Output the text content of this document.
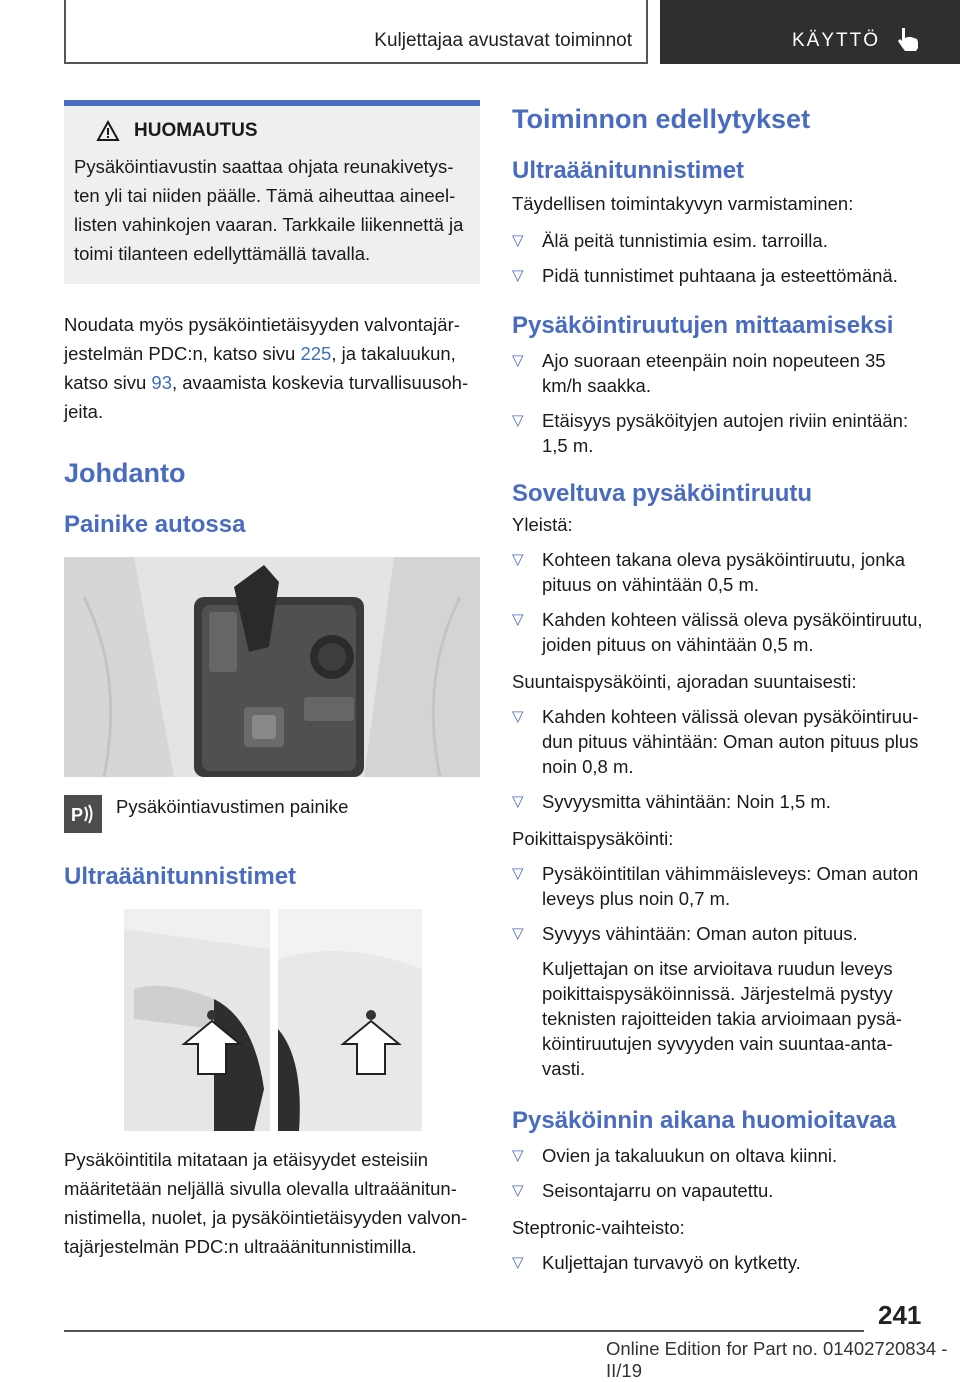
Kuljettajaa avustavat toiminnot	KÄYTTÖ
HUOMAUTUS
Pysäköintiavustin saattaa ohjata reunakivetysten yli tai niiden päälle. Tämä aiheuttaa aineellisten vahinkojen vaaran. Tarkkaile liikennettä ja toimi tilanteen edellyttämällä tavalla.

Noudata myös pysäköintietäisyyden valvontajärjestelmän PDC:n, katso sivu 225, ja takaluukun, katso sivu 93, avaamista koskevia turvallisuusohjeita.

Johdanto
Painike autossa
P Pysäköintiavustimen painike
Ultraäänitunnistimet

Pysäköintitila mitataan ja etäisyydet esteisiin määritetään neljällä sivulla olevalla ultraäänitunnistimella, nuolet, ja pysäköintietäisyyden valvontajärjestelmän PDC:n ultraäänitunnistimilla.

Toiminnon edellytykset
Ultraäänitunnistimet

Täydellisen toimintakyvyn varmistaminen:

▽ Älä peitä tunnistimia esim. tarroilla.
▽ Pidä tunnistimet puhtaana ja esteettömänä.
Pysäköintiruutujen mittaamiseksi
▽ Ajo suoraan eteenpäin noin nopeuteen 35 km/h saakka.
▽ Etäisyys pysäköityjen autojen riviin enintään: 1,5 m.
Soveltuva pysäköintiruutu

Yleistä:

▽ Kohteen takana oleva pysäköintiruutu, jonka pituus on vähintään 0,5 m.
▽ Kahden kohteen välissä oleva pysäköintiruutu, joiden pituus on vähintään 0,5 m.

Suuntaispysäköinti, ajoradan suuntaisesti:

▽ Kahden kohteen välissä olevan pysäköintiruudun pituus vähintään: Oman auton pituus plus noin 0,8 m.
▽ Syvyysmitta vähintään: Noin 1,5 m.

Poikittaispysäköinti:

▽ Pysäköintitilan vähimmäisleveys: Oman auton leveys plus noin 0,7 m.
▽ Syvyys vähintään: Oman auton pituus.
Kuljettajan on itse arvioitava ruudun leveys poikittaispysäköinnissä. Järjestelmä pystyy teknisten rajoitteiden takia arvioimaan pysäköintiruutujen syvyyden vain suuntaa-antavasti.
Pysäköinnin aikana huomioitavaa
▽ Ovien ja takaluukun on oltava kiinni.
▽ Seisontajarru on vapautettu.

Steptronic-vaihteisto:

▽ Kuljettajan turvavyö on kytketty.
241
Online Edition for Part no. 01402720834 - II/19
